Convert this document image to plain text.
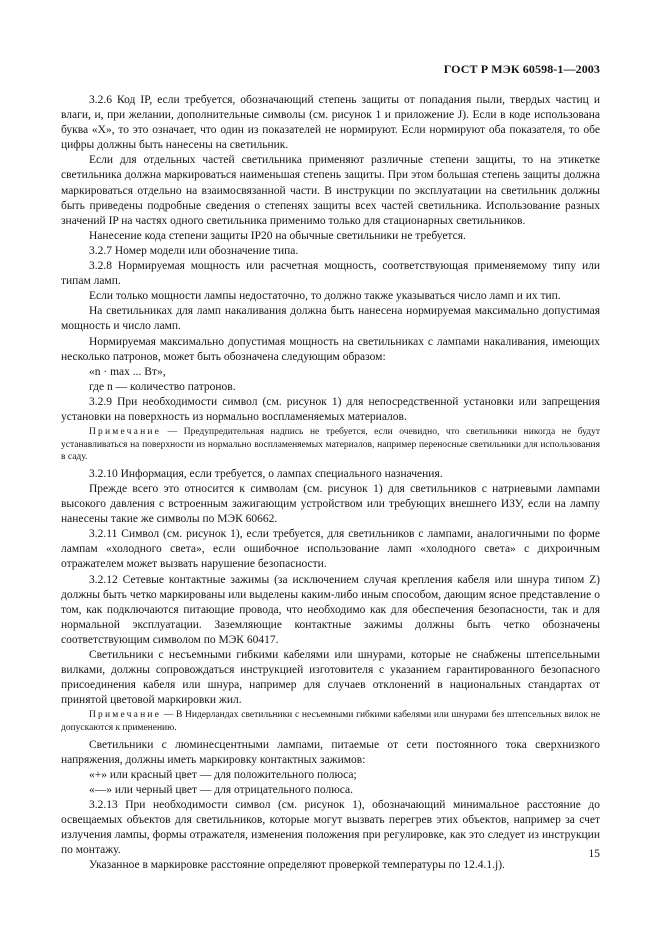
ГОСТ Р МЭК 60598-1—2003

3.2.6 Код IP, если требуется, обозначающий степень защиты от попадания пыли, твердых частиц и влаги, и, при желании, дополнительные символы (см. рисунок 1 и приложение J). Если в коде использована буква «X», то это означает, что один из показателей не нормируют. Если нормируют оба показателя, то обе цифры должны быть нанесены на светильник.

Если для отдельных частей светильника применяют различные степени защиты, то на этикетке светильника должна маркироваться наименьшая степень защиты. При этом большая степень защиты должна маркироваться отдельно на взаимосвязанной части. В инструкции по эксплуатации на светильник должны быть приведены подробные сведения о степенях защиты всех частей светильника. Использование разных значений IP на частях одного светильника применимо только для стационарных светильников.

Нанесение кода степени защиты IP20 на обычные светильники не требуется.

3.2.7 Номер модели или обозначение типа.

3.2.8 Нормируемая мощность или расчетная мощность, соответствующая применяемому типу или типам ламп.

Если только мощности лампы недостаточно, то должно также указываться число ламп и их тип.

На светильниках для ламп накаливания должна быть нанесена нормируемая максимально допустимая мощность и число ламп.

Нормируемая максимально допустимая мощность на светильниках с лампами накаливания, имеющих несколько патронов, может быть обозначена следующим образом:

«n · max ... Вт»,

где n — количество патронов.

3.2.9 При необходимости символ (см. рисунок 1) для непосредственной установки или запрещения установки на поверхность из нормально воспламеняемых материалов.

Примечание — Предупредительная надпись не требуется, если очевидно, что светильники никогда не будут устанавливаться на поверхности из нормально воспламеняемых материалов, например переносные светильники для использования в саду.

3.2.10 Информация, если требуется, о лампах специального назначения.

Прежде всего это относится к символам (см. рисунок 1) для светильников с натриевыми лампами высокого давления с встроенным зажигающим устройством или требующих внешнего ИЗУ, если на лампу нанесены такие же символы по МЭК 60662.

3.2.11 Символ (см. рисунок 1), если требуется, для светильников с лампами, аналогичными по форме лампам «холодного света», если ошибочное использование ламп «холодного света» с дихроичным отражателем может вызвать нарушение безопасности.

3.2.12 Сетевые контактные зажимы (за исключением случая крепления кабеля или шнура типом Z) должны быть четко маркированы или выделены каким-либо иным способом, дающим ясное представление о том, как подключаются питающие провода, что необходимо как для обеспечения безопасности, так и для нормальной эксплуатации. Заземляющие контактные зажимы должны быть четко обозначены соответствующим символом по МЭК 60417.

Светильники с несъемными гибкими кабелями или шнурами, которые не снабжены штепсельными вилками, должны сопровождаться инструкцией изготовителя с указанием гарантированного безопасного присоединения кабеля или шнура, например для случаев отклонений в национальных стандартах от принятой цветовой маркировки жил.

Примечание — В Нидерландах светильники с несъемными гибкими кабелями или шнурами без штепсельных вилок не допускаются к применению.

Светильники с люминесцентными лампами, питаемые от сети постоянного тока сверхнизкого напряжения, должны иметь маркировку контактных зажимов:

«+» или красный цвет — для положительного полюса;

«—» или черный цвет — для отрицательного полюса.

3.2.13 При необходимости символ (см. рисунок 1), обозначающий минимальное расстояние до освещаемых объектов для светильников, которые могут вызвать перегрев этих объектов, например за счет излучения лампы, формы отражателя, изменения положения при регулировке, как это следует из инструкции по монтажу.

Указанное в маркировке расстояние определяют проверкой температуры по 12.4.1.j).

15
